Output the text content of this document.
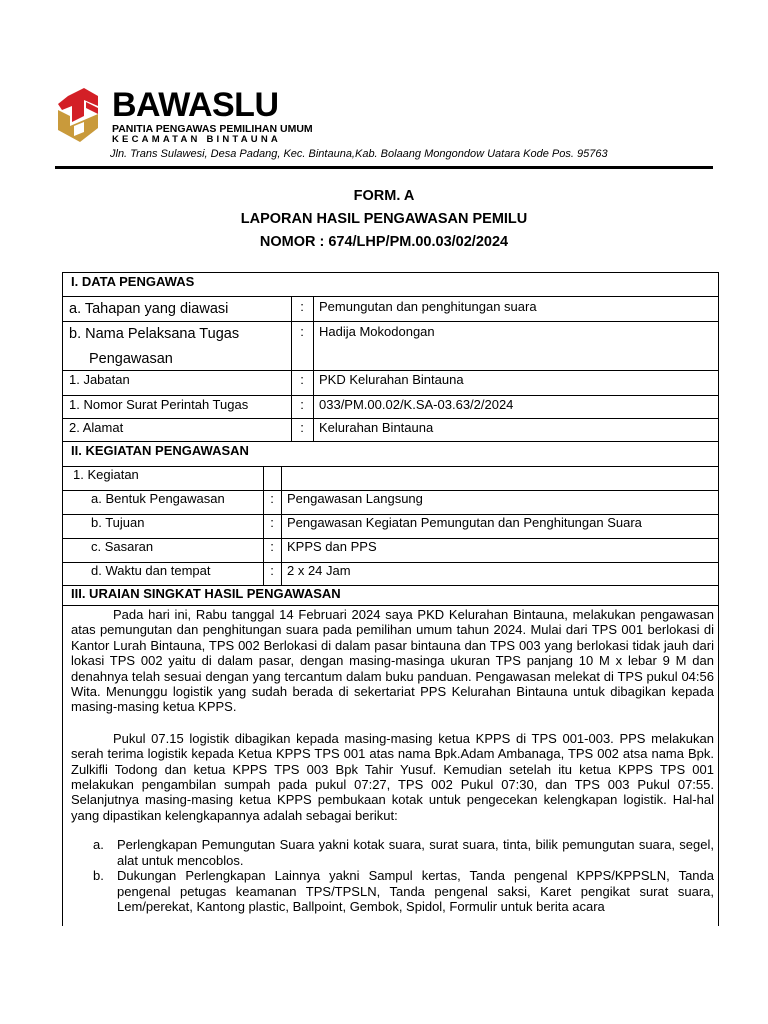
BAWASLU
PANITIA PENGAWAS PEMILIHAN UMUM
KECAMATAN BINTAUNA
Jln. Trans Sulawesi, Desa Padang, Kec. Bintauna,Kab. Bolaang Mongondow Uatara Kode Pos. 95763
FORM. A
LAPORAN HASIL PENGAWASAN PEMILU
NOMOR : 674/LHP/PM.00.03/02/2024
I. DATA PENGAWAS
a. Tahapan yang diawasi	:	Pemungutan dan penghitungan suara
b. Nama Pelaksana Tugas
Pengawasan
:	Hadija Mokodongan
1. Jabatan	:	PKD Kelurahan Bintauna
1. Nomor Surat Perintah Tugas	:	033/PM.00.02/K.SA-03.63/2/2024
2. Alamat	:	Kelurahan Bintauna
II. KEGIATAN PENGAWASAN
1. Kegiatan
a. Bentuk Pengawasan	:	Pengawasan Langsung
b. Tujuan	:	Pengawasan Kegiatan Pemungutan dan Penghitungan Suara
c. Sasaran	:	KPPS dan PPS
d. Waktu dan tempat	:	2 x 24 Jam
III. URAIAN SINGKAT HASIL PENGAWASAN

Pada hari ini, Rabu tanggal 14 Februari 2024 saya PKD Kelurahan Bintauna, melakukan pengawasan atas pemungutan dan penghitungan suara pada pemilihan umum tahun 2024. Mulai dari TPS 001 berlokasi di Kantor Lurah Bintauna, TPS 002 Berlokasi di dalam pasar bintauna dan TPS 003 yang berlokasi tidak jauh dari lokasi TPS 002 yaitu di dalam pasar, dengan masing-masinga ukuran TPS panjang 10 M x lebar 9 M dan denahnya telah sesuai dengan yang tercantum dalam buku panduan. Pengawasan melekat di TPS pukul 04:56 Wita. Menunggu logistik yang sudah berada di sekertariat PPS Kelurahan Bintauna untuk dibagikan kepada masing-masing ketua KPPS.

Pukul 07.15 logistik dibagikan kepada masing-masing ketua KPPS di TPS 001-003. PPS melakukan serah terima logistik kepada Ketua KPPS TPS 001 atas nama Bpk.Adam Ambanaga, TPS 002 atsa nama Bpk. Zulkifli Todong dan ketua KPPS TPS 003 Bpk Tahir Yusuf. Kemudian setelah itu ketua KPPS TPS 001 melakukan pengambilan sumpah pada pukul 07:27, TPS 002 Pukul 07:30, dan TPS 003 Pukul 07:55. Selanjutnya masing-masing ketua KPPS pembukaan kotak untuk pengecekan kelengkapan logistik. Hal-hal yang dipastikan kelengkapannya adalah sebagai berikut:

a. Perlengkapan Pemungutan Suara yakni kotak suara, surat suara, tinta, bilik pemungutan suara, segel, alat untuk mencoblos.
b. Dukungan Perlengkapan Lainnya yakni Sampul kertas, Tanda pengenal KPPS/KPPSLN, Tanda pengenal petugas keamanan TPS/TPSLN, Tanda pengenal saksi, Karet pengikat surat suara, Lem/perekat, Kantong plastic, Ballpoint, Gembok, Spidol, Formulir untuk berita acara
